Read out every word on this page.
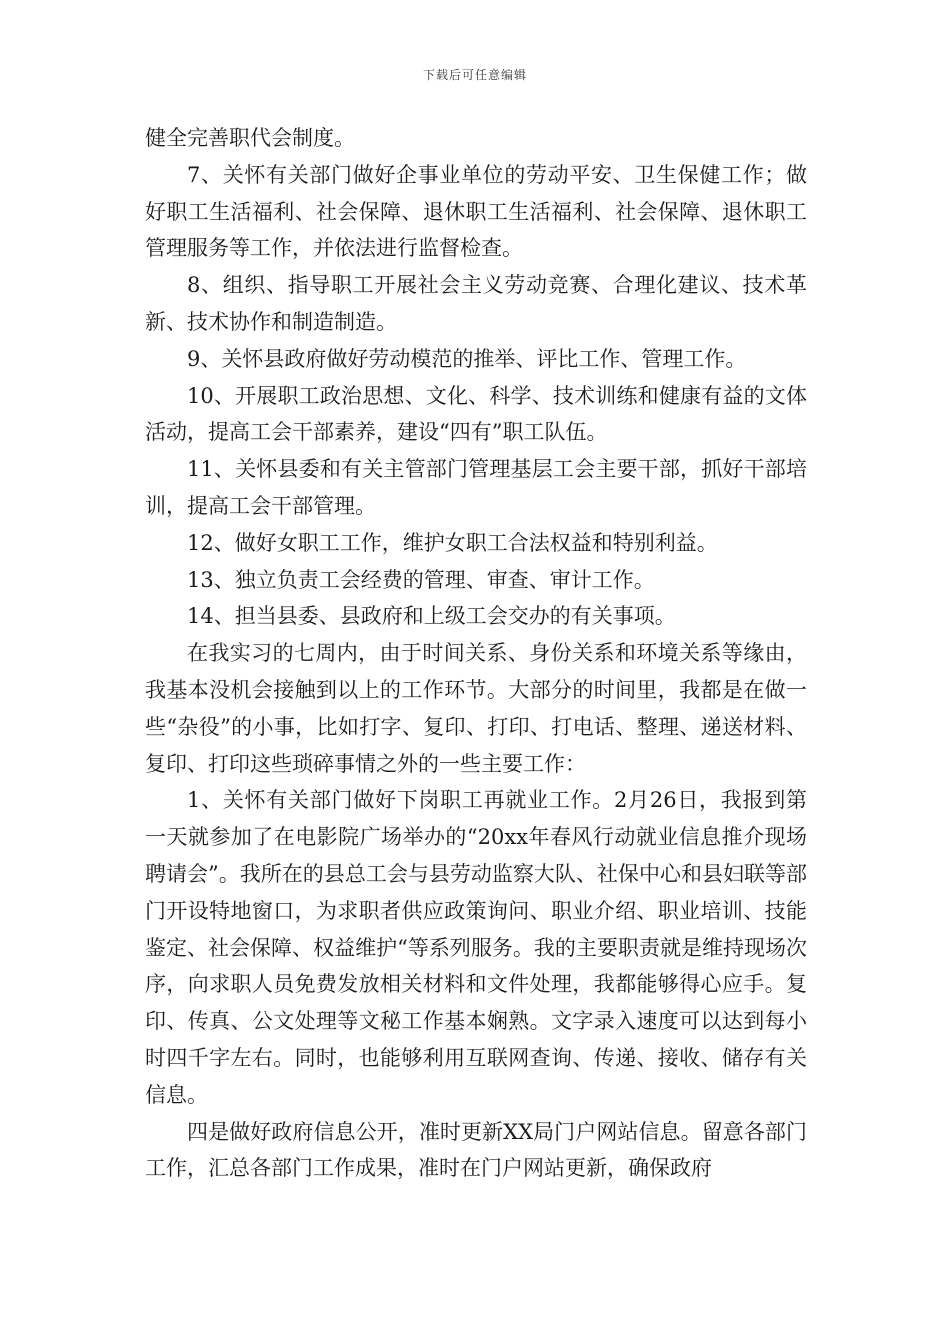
下载后可任意编辑

健全完善职代会制度。

7、关怀有关部门做好企事业单位的劳动平安、卫生保健工作；做好职工生活福利、社会保障、退休职工生活福利、社会保障、退休职工管理服务等工作，并依法进行监督检查。

8、组织、指导职工开展社会主义劳动竞赛、合理化建议、技术革新、技术协作和制造制造。

9、关怀县政府做好劳动模范的推举、评比工作、管理工作。

10、开展职工政治思想、文化、科学、技术训练和健康有益的文体活动，提高工会干部素养，建设“四有”职工队伍。

11、关怀县委和有关主管部门管理基层工会主要干部，抓好干部培训，提高工会干部管理。

12、做好女职工工作，维护女职工合法权益和特别利益。

13、独立负责工会经费的管理、审查、审计工作。

14、担当县委、县政府和上级工会交办的有关事项。

在我实习的七周内，由于时间关系、身份关系和环境关系等缘由，我基本没机会接触到以上的工作环节。大部分的时间里，我都是在做一些“杂役”的小事，比如打字、复印、打印、打电话、整理、递送材料、复印、打印这些琐碎事情之外的一些主要工作：

1、关怀有关部门做好下岗职工再就业工作。2月26日，我报到第一天就参加了在电影院广场举办的“20xx年春风行动就业信息推介现场聘请会”。我所在的县总工会与县劳动监察大队、社保中心和县妇联等部门开设特地窗口，为求职者供应政策询问、职业介绍、职业培训、技能鉴定、社会保障、权益维护“等系列服务。我的主要职责就是维持现场次序，向求职人员免费发放相关材料和文件处理，我都能够得心应手。复印、传真、公文处理等文秘工作基本娴熟。文字录入速度可以达到每小时四千字左右。同时，也能够利用互联网查询、传递、接收、储存有关信息。

四是做好政府信息公开，准时更新XX局门户网站信息。留意各部门工作，汇总各部门工作成果，准时在门户网站更新，确保政府
